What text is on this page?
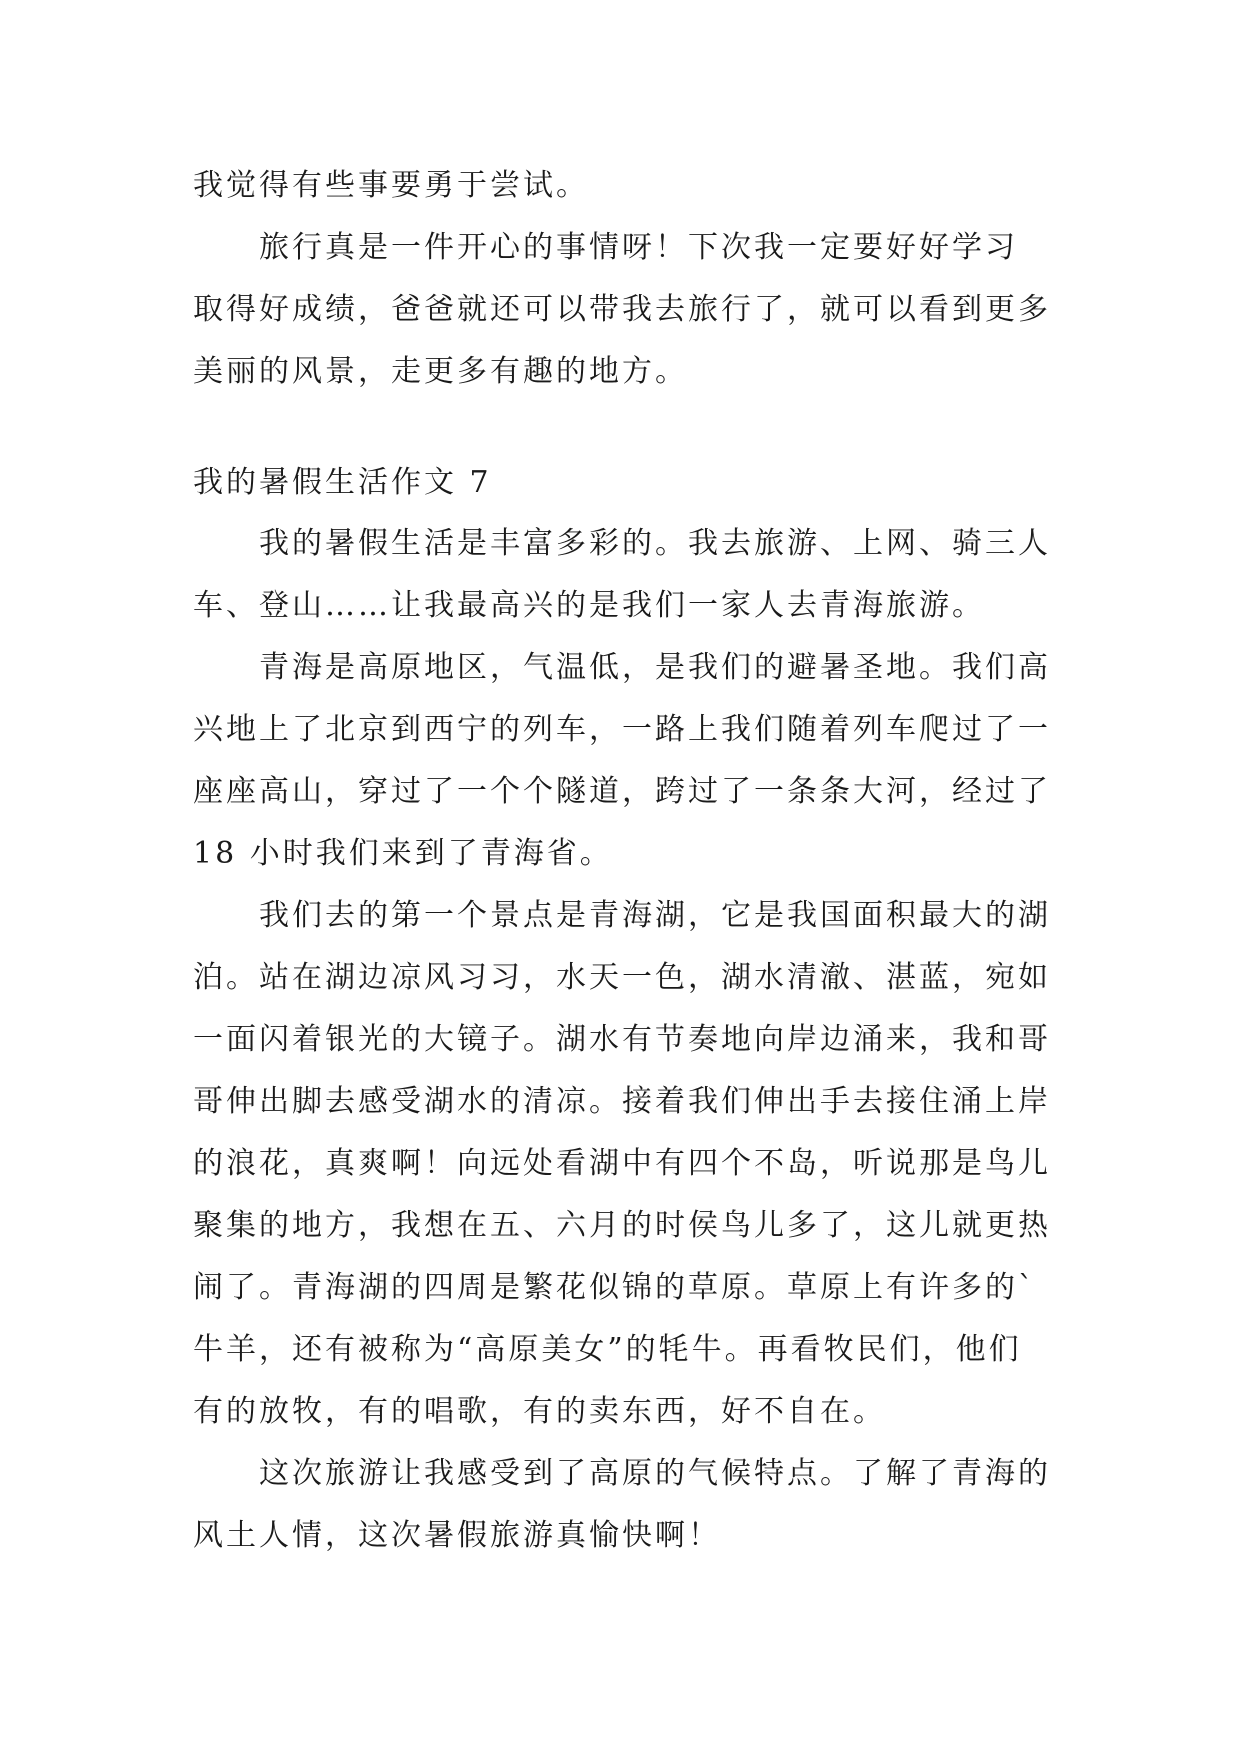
我觉得有些事要勇于尝试。
旅行真是一件开心的事情呀！下次我一定要好好学习
取得好成绩，爸爸就还可以带我去旅行了，就可以看到更多
美丽的风景，走更多有趣的地方。
我的暑假生活作文 7
我的暑假生活是丰富多彩的。我去旅游、上网、骑三人
车、登山……让我最高兴的是我们一家人去青海旅游。
青海是高原地区，气温低，是我们的避暑圣地。我们高
兴地上了北京到西宁的列车，一路上我们随着列车爬过了一
座座高山，穿过了一个个隧道，跨过了一条条大河，经过了
18 小时我们来到了青海省。
我们去的第一个景点是青海湖，它是我国面积最大的湖
泊。站在湖边凉风习习，水天一色，湖水清澈、湛蓝，宛如
一面闪着银光的大镜子。湖水有节奏地向岸边涌来，我和哥
哥伸出脚去感受湖水的清凉。接着我们伸出手去接住涌上岸
的浪花，真爽啊！向远处看湖中有四个不岛，听说那是鸟儿
聚集的地方，我想在五、六月的时侯鸟儿多了，这儿就更热
闹了。青海湖的四周是繁花似锦的草原。草原上有许多的`
牛羊，还有被称为“高原美女”的牦牛。再看牧民们，他们
有的放牧，有的唱歌，有的卖东西，好不自在。
这次旅游让我感受到了高原的气候特点。了解了青海的
风土人情，这次暑假旅游真愉快啊！
